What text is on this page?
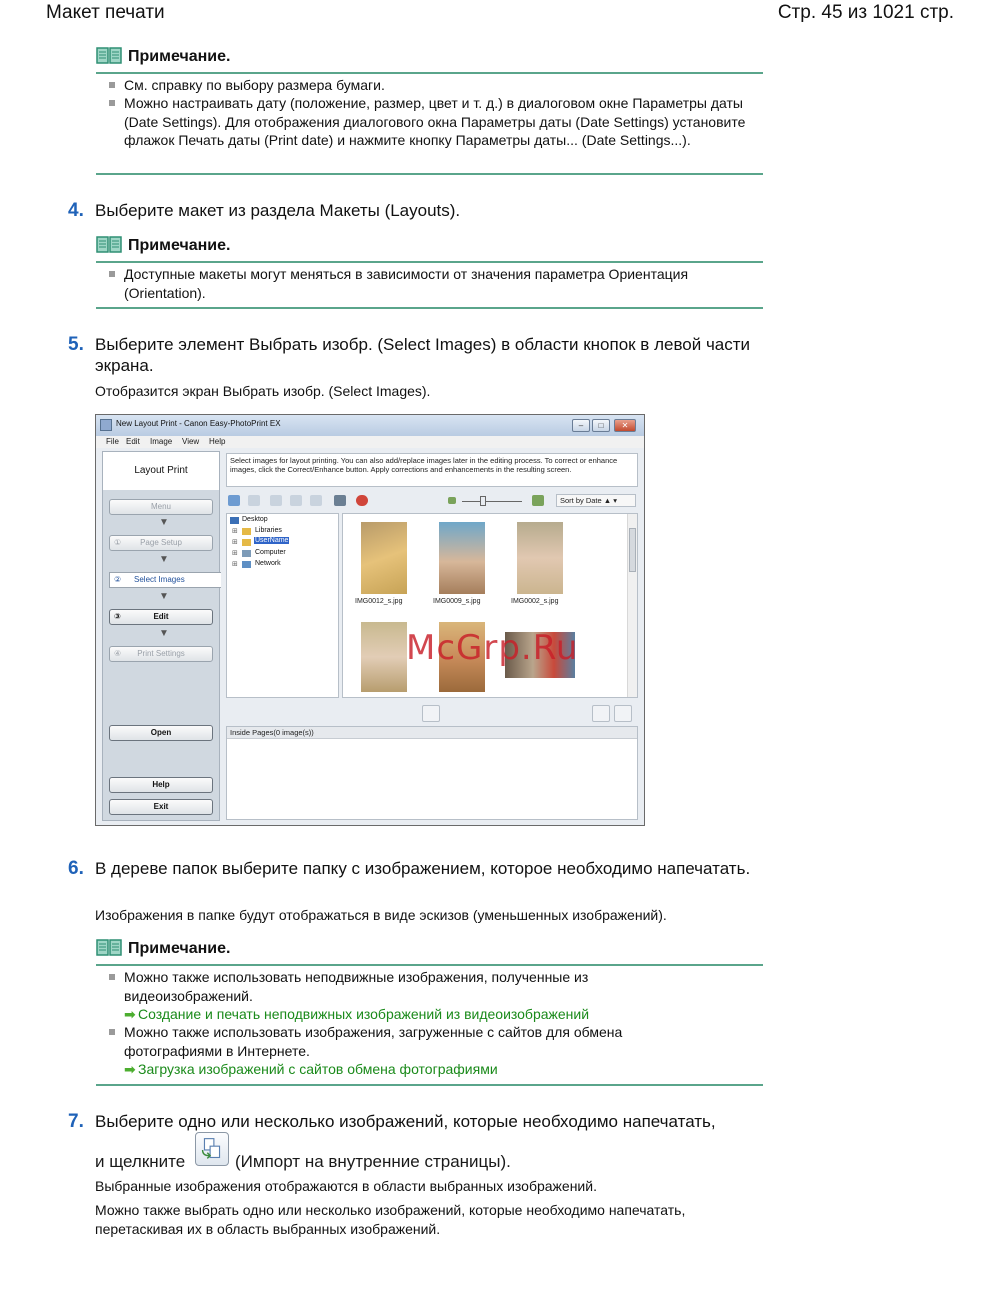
Макет печати	Стр. 45 из 1021 стр.
Примечание.
См. справку по выбору размера бумаги.
Можно настраивать дату (положение, размер, цвет и т. д.) в диалоговом окне Параметры даты (Date Settings). Для отображения диалогового окна Параметры даты (Date Settings) установите флажок Печать даты (Print date) и нажмите кнопку Параметры даты... (Date Settings...).
4. Выберите макет из раздела Макеты (Layouts).
Примечание.
Доступные макеты могут меняться в зависимости от значения параметра Ориентация (Orientation).
5. Выберите элемент Выбрать изобр. (Select Images) в области кнопок в левой части экрана.
Отобразится экран Выбрать изобр. (Select Images).
New Layout Print - Canon Easy-PhotoPrint EX	–	□	✕
File Edit Image View Help
Layout Print
Menu
▼
① Page Setup
▼
② Select Images
▼
③	Edit
▼
④ Print Settings
Open
Help
Exit
Select images for layout printing. You can also add/replace images later in the editing process. To correct or enhance images, click the Correct/Enhance button. Apply corrections and enhancements in the resulting screen.
Sort by Date ▲ ▾
Desktop
⊞ Libraries
⊞ UserName
⊞ Computer
⊞ Network
IMG0012_s.jpg	IMG0009_s.jpg	IMG0002_s.jpg
Inside Pages(0 image(s))
McGrp.Ru
6. В дереве папок выберите папку с изображением, которое необходимо напечатать.
Изображения в папке будут отображаться в виде эскизов (уменьшенных изображений).
Примечание.
Можно также использовать неподвижные изображения, полученные из видеоизображений.
➡ Создание и печать неподвижных изображений из видеоизображений
Можно также использовать изображения, загруженные с сайтов для обмена фотографиями в Интернете.
➡ Загрузка изображений с сайтов обмена фотографиями
7. Выберите одно или несколько изображений, которые необходимо напечатать,
и щелкните	(Импорт на внутренние страницы).
Выбранные изображения отображаются в области выбранных изображений.
Можно также выбрать одно или несколько изображений, которые необходимо напечатать, перетаскивая их в область выбранных изображений.
